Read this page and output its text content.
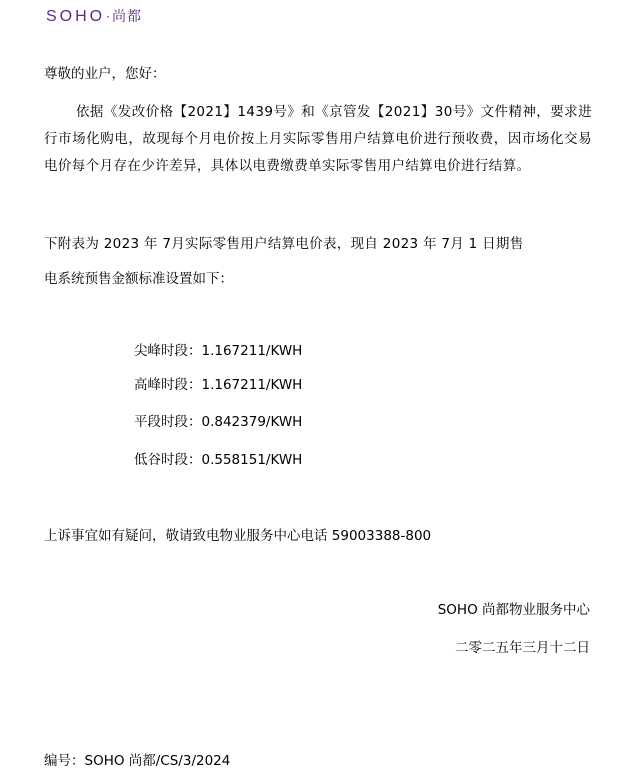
SOHO·尚都
尊敬的业户，您好：
依据《发改价格【2021】1439号》和《京管发【2021】30号》文件精神，要求进行市场化购电，故现每个月电价按上月实际零售用户结算电价进行预收费，因市场化交易电价每个月存在少许差异，具体以电费缴费单实际零售用户结算电价进行结算。
下附表为 2023 年 7月实际零售用户结算电价表，现自 2023 年 7月 1 日期售
电系统预售金额标准设置如下：
尖峰时段：1.167211/KWH
高峰时段：1.167211/KWH
平段时段：0.842379/KWH
低谷时段：0.558151/KWH
上诉事宜如有疑问，敬请致电物业服务中心电话 59003388-800
SOHO 尚都物业服务中心
二零二五年三月十二日
编号：SOHO 尚都/CS/3/2024
